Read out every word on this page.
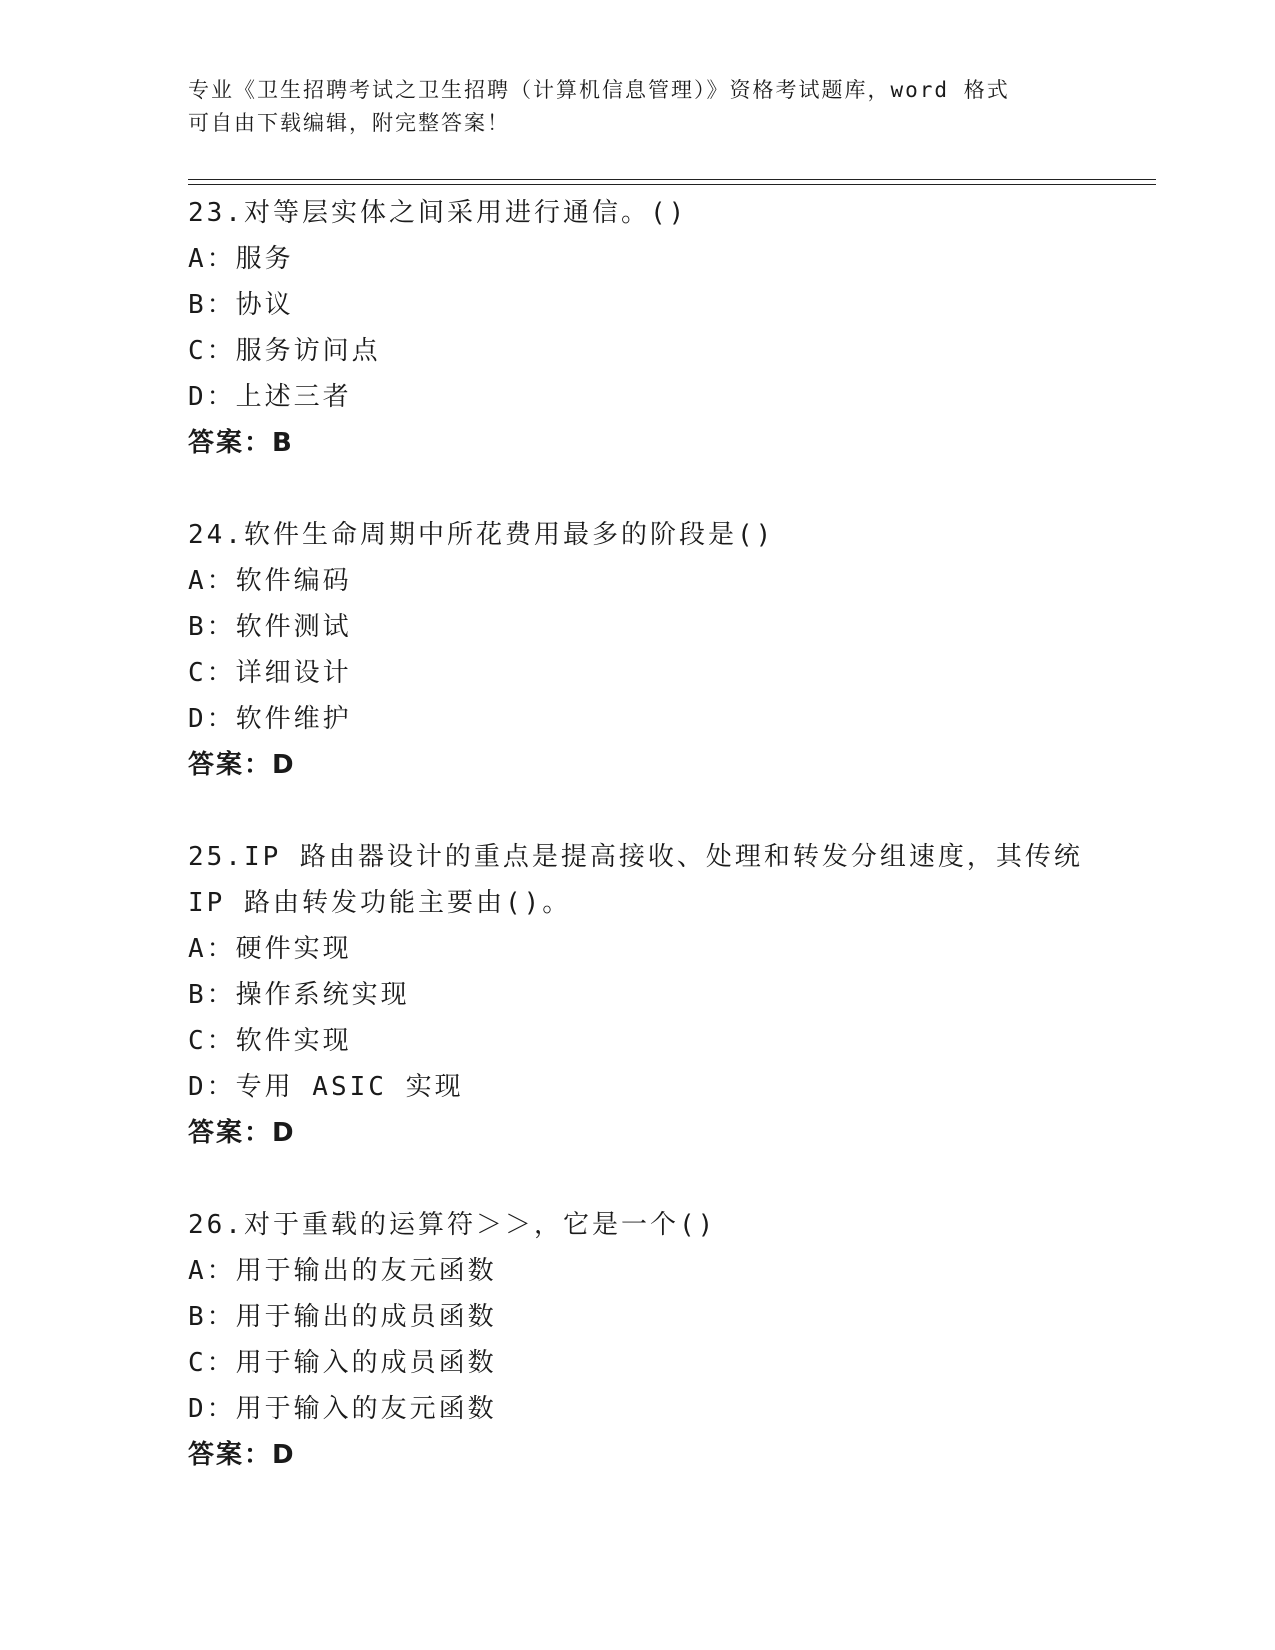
专业《卫生招聘考试之卫生招聘（计算机信息管理）》资格考试题库，word 格式
可自由下载编辑，附完整答案！
23.对等层实体之间采用进行通信。()
A：服务
B：协议
C：服务访问点
D：上述三者
答案：B
24.软件生命周期中所花费用最多的阶段是()
A：软件编码
B：软件测试
C：详细设计
D：软件维护
答案：D
25.IP 路由器设计的重点是提高接收、处理和转发分组速度，其传统
IP 路由转发功能主要由()。
A：硬件实现
B：操作系统实现
C：软件实现
D：专用 ASIC 实现
答案：D
26.对于重载的运算符＞＞，它是一个()
A：用于输出的友元函数
B：用于输出的成员函数
C：用于输入的成员函数
D：用于输入的友元函数
答案：D
